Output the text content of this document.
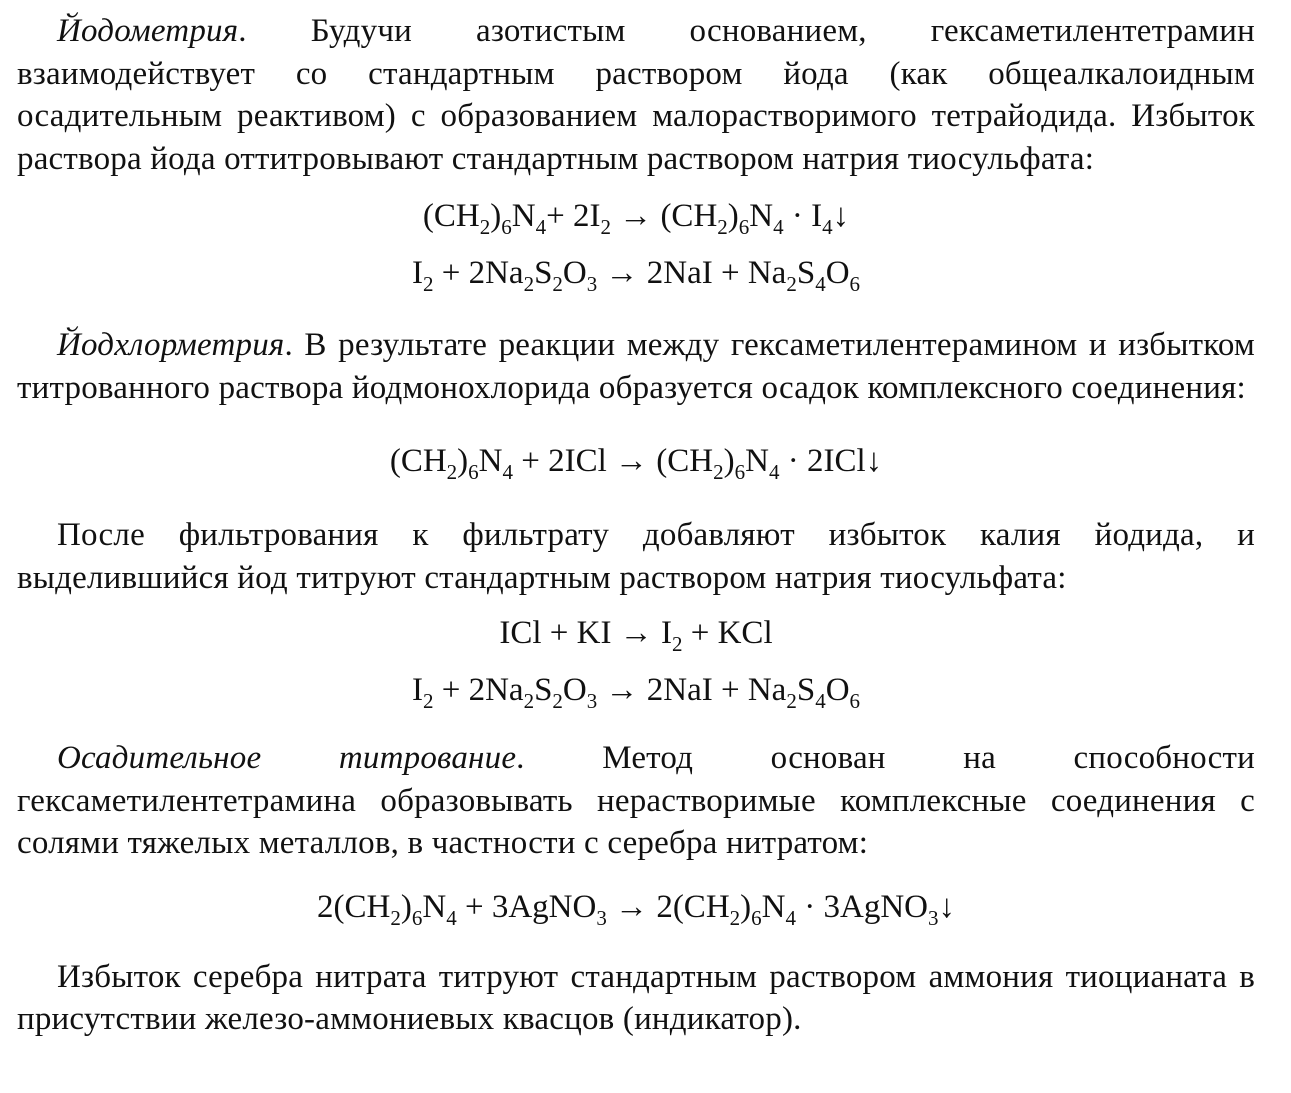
Йодометрия. Будучи азотистым основанием, гексаметилентетрамин взаимодействует со стандартным раствором йода (как общеалкалоидным осадительным реактивом) с образованием малорастворимого тетрайодида. Избыток раствора йода оттитровывают стандартным раствором натрия тиосульфата:

$(CH_2)_6N_4+ 2I_2 \to (CH_2)_6N_4$ · $I_4↓$

$I_2 + 2Na_2S_2O_3 \to 2NaI + Na_2S_4O_6$

Йодхлорметрия. В результате реакции между гексаметилентерамином и избытком титрованного раствора йодмонохлорида образуется осадок комплексного соединения:

$(CH_2)_6N_4 + 2ICl \to (CH_2)_6N_4$ · 2ICl↓

После фильтрования к фильтрату добавляют избыток калия йодида, и выделившийся йод титруют стандартным раствором натрия тиосульфата:

ICl + KI → $I_2$ + KCl

$I_2 + 2Na_2S_2O_3 \to 2NaI + Na_2S_4O_6$

Осадительное титрование. Метод основан на способности гексаметилентетрамина образовывать нерастворимые комплексные соединения с солями тяжелых металлов, в частности с серебра нитратом:

$2(CH_2)_6N_4$ + 3AgNO$_3$ → $2(CH_2)_6N_4$ · 3AgNO$_3$↓

Избыток серебра нитрата титруют стандартным раствором аммония тиоцианата в присутствии железо-аммониевых квасцов (индикатор).
